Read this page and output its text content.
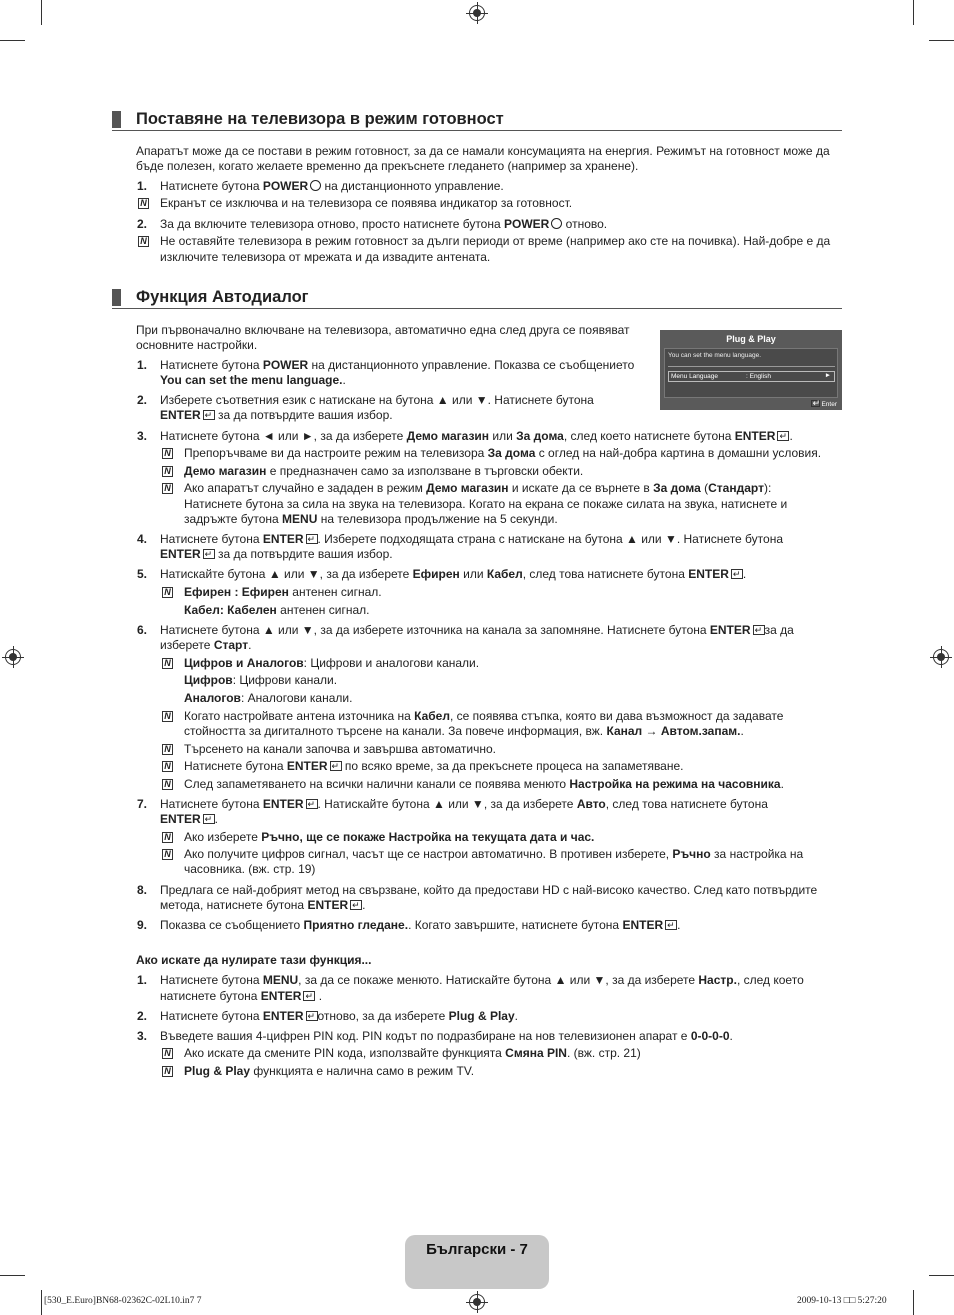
Поставяне на телевизора в режим готовност
Апаратът може да се постави в режим готовност, за да се намали консумацията на енергия. Режимът на готовност може да
бъде полезен, когато желаете временно да прекъснете гледането (например за хранене).
1. Натиснете бутона POWER на дистанционното управление.
N Екранът се изключва и на телевизора се появява индикатор за готовност.
2. За да включите телевизора отново, просто натиснете бутона POWER отново.
N Не оставяйте телевизора в режим готовност за дълги периоди от време (например ако сте на почивка). Най-добре е да
изключите телевизора от мрежата и да извадите антената.
Функция Автодиалог
При първоначално включване на телевизора, автоматично една след друга се появяват
основните настройки.	Plug & Play
You can set the menu language.
Menu Language	: English	►
↵ Enter
1. Натиснете бутона POWER на дистанционното управление. Показва се съобщението
You can set the menu language..
2. Изберете съответния език с натискане на бутона ▲ или ▼. Натиснете бутона
ENTER↵ за да потвърдите вашия избор.
3. Натиснете бутона ◄ или ►, за да изберете Демо магазин или За дома, след което натиснете бутона ENTER ↵ .
N Препоръчваме ви да настроите режим на телевизора За дома с оглед на най-добра картина в домашни условия.
N Демо магазин е предназначен само за използване в търговски обекти.
N Ако апаратът случайно е зададен в режим Демо магазин и искате да се върнете в За дома (Стандарт):
Натиснете бутона за сила на звука на телевизора. Когато на екрана се покаже силата на звука, натиснете и
задръжте бутона MENU на телевизора продължение на 5 секунди.
4. Натиснете бутона ENTER ↵ . Изберете подходящата страна с натискане на бутона ▲ или ▼. Натиснете бутона
ENTER↵ за да потвърдите вашия избор.
5. Натискайте бутона ▲ или ▼, за да изберете Ефирен или Кабел, след това натиснете бутона ENTER ↵ .
N Ефирен : Ефирен антенен сигнал.
Кабел: Кабелен антенен сигнал.
6. Натиснете бутона ▲ или ▼, за да изберете източника на канала за запомняне. Натиснете бутона ENTER ↵ за да
изберете Старт.
N Цифров и Аналогов: Цифрови и аналогови канали.
Цифров: Цифрови канали.
Аналогов: Аналогови канали.
N Когато настройвате антена източника на Кабел, се появява стъпка, която ви дава възможност да задавате
стойността за дигиталното търсене на канали. За повече информация, вж. Канал → Автом.запам..
N Търсенето на канали започва и завършва автоматично.
N Натиснете бутона ENTER↵ по всяко време, за да прекъснете процеса на запаметяване.
N След запаметяването на всички налични канали се появява менюто Настройка на режима на часовника.
7. Натиснете бутона ENTER ↵ . Натискайте бутона ▲ или ▼, за да изберете Авто, след това натиснете бутона
ENTER ↵ .
N Ако изберете Ръчно, ще се покаже Настройка на текущата дата и час.
N Ако получите цифров сигнал, часът ще се настрои автоматично. В противен изберете, Ръчно за настройка на
часовника. (вж. стр. 19)
8. Предлага се най-добрият метод на свързване, който да предостави HD с най-високо качество. След като потвърдите
метода, натиснете бутона ENTER ↵ .
9. Показва се съобщението Приятно гледане.. Когато завършите, натиснете бутона ENTER ↵ .
Ако искате да нулирате тази функция...
1. Натиснете бутона MENU, за да се покаже менюто. Натискайте бутона ▲ или ▼, за да изберете Настр., след което
натиснете бутона ENTER↵ .
2. Натиснете бутона ENTER ↵ отново, за да изберете Plug & Play.
3. Въведете вашия 4-цифрен PIN код. PIN кодът по подразбиране на нов телевизионен апарат е 0-0-0-0.
N Ако искате да смените PIN кода, използвайте функцията Смяна PIN. (вж. стр. 21)
N Plug & Play функцията е налична само в режим TV.
Български - 7
[530_E.Euro]BN68-02362C-02L10.in7 7	2009-10-13 □□ 5:27:20
